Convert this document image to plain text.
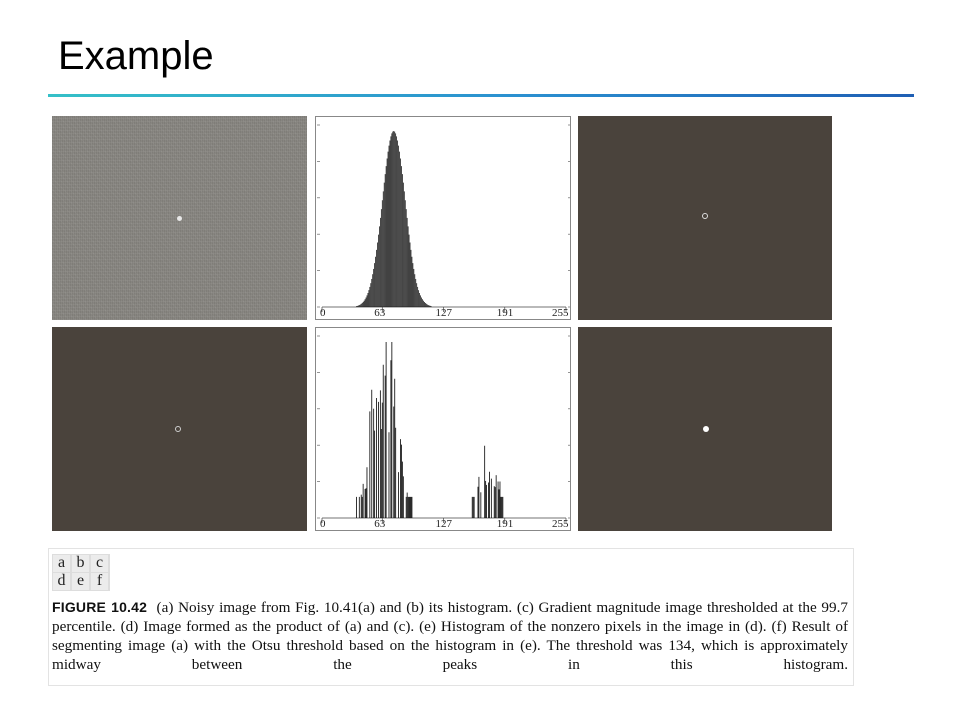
Example
0	63	127	191	255
0	63	127	191	255
a b c
d e f

FIGURE 10.42 (a) Noisy image from Fig. 10.41(a) and (b) its histogram. (c) Gradient magnitude image thresholded at the 99.7 percentile. (d) Image formed as the product of (a) and (c). (e) Histogram of the nonzero pixels in the image in (d). (f) Result of segmenting image (a) with the Otsu threshold based on the histogram in (e). The threshold was 134, which is approximately midway between the peaks in this histogram.
